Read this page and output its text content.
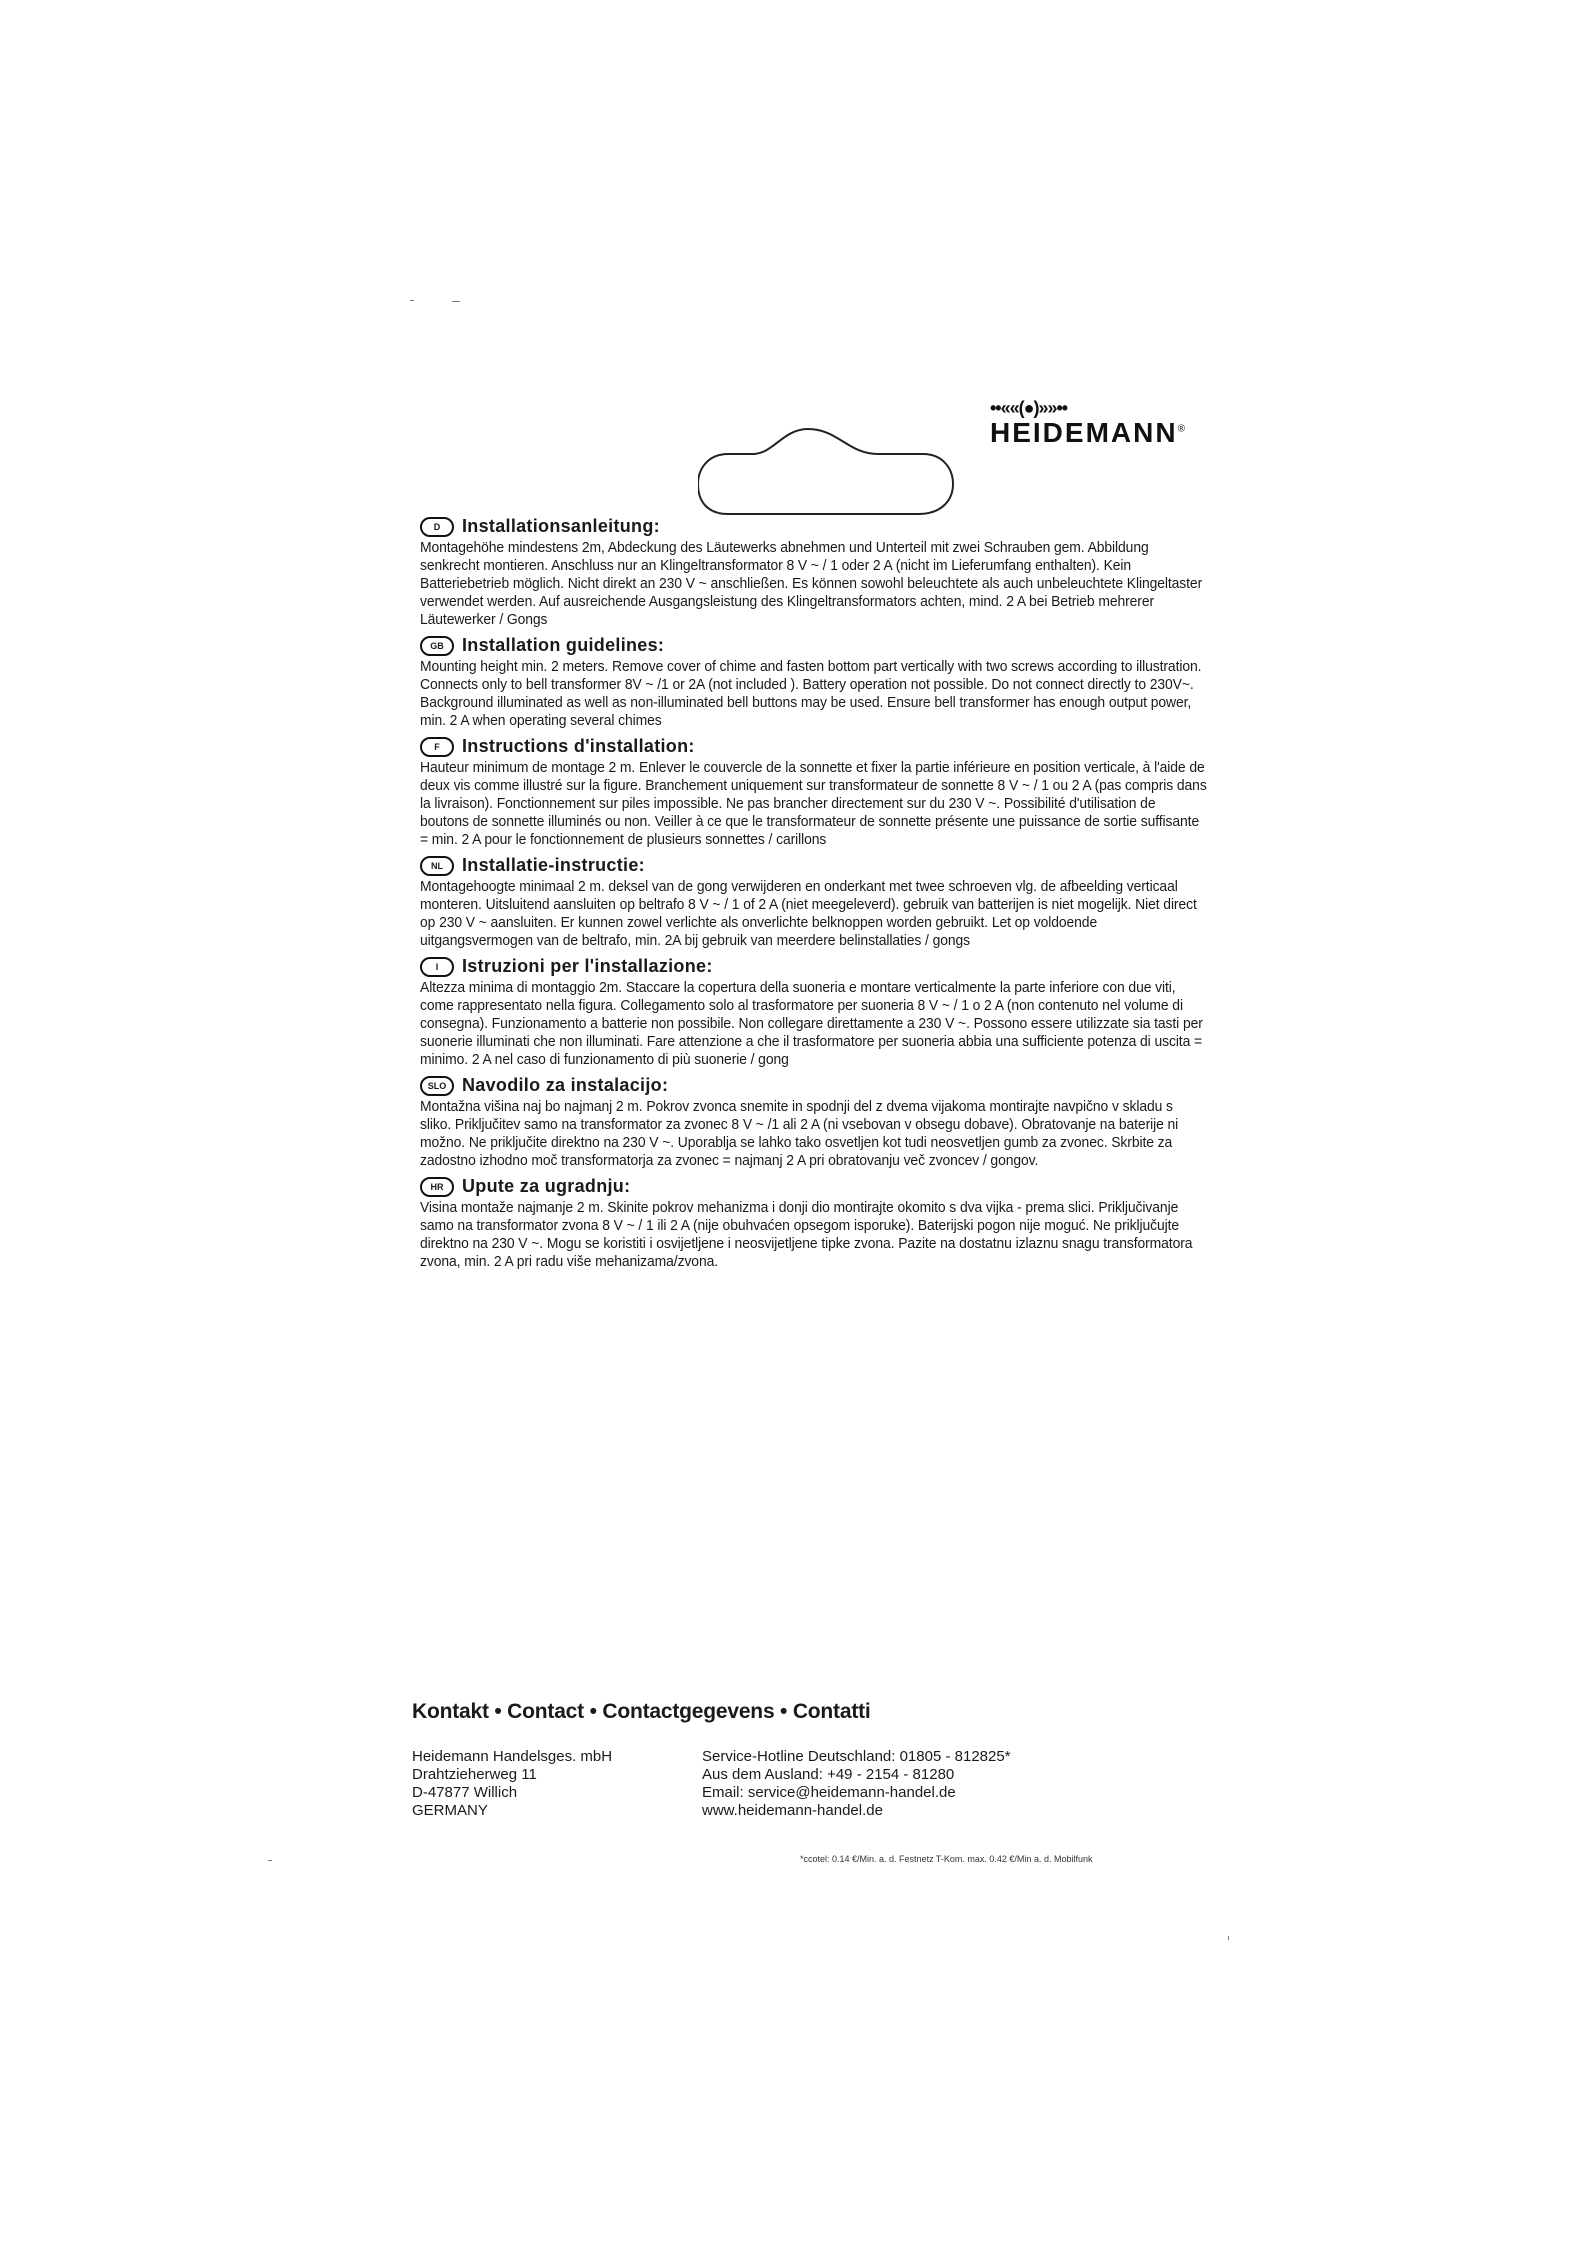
••««(●)»»••
HEIDEMANN®
D	Installationsanleitung:
Montagehöhe mindestens 2m, Abdeckung des Läutewerks abnehmen und Unterteil mit zwei Schrauben gem. Abbildung senkrecht montieren. Anschluss nur an Klingeltransformator 8 V ~ / 1 oder 2 A (nicht im Lieferumfang enthalten). Kein Batteriebetrieb möglich. Nicht direkt an 230 V ~ anschließen. Es können sowohl beleuchtete als auch unbeleuchtete Klingeltaster verwendet werden. Auf ausreichende Ausgangsleistung des Klingeltransformators achten, mind. 2 A bei Betrieb mehrerer Läutewerker / Gongs
GB	Installation guidelines:
Mounting height min. 2 meters. Remove cover of chime and fasten bottom part vertically with two screws according to illustration. Connects only to bell transformer 8V ~ /1 or 2A (not included ). Battery operation not possible. Do not connect directly to 230V~. Background illuminated as well as non-illuminated bell buttons may be used. Ensure bell transformer has enough output power, min. 2 A when operating several chimes
F	Instructions d'installation:
Hauteur minimum de montage 2 m. Enlever le couvercle de la sonnette et fixer la partie inférieure en position verticale, à l'aide de deux vis comme illustré sur la figure. Branchement uniquement sur transformateur de sonnette 8 V ~ / 1 ou 2 A (pas compris dans la livraison). Fonctionnement sur piles impossible. Ne pas brancher directement sur du 230 V ~. Possibilité d'utilisation de boutons de sonnette illuminés ou non. Veiller à ce que le transformateur de sonnette présente une puissance de sortie suffisante = min. 2 A pour le fonctionnement de plusieurs sonnettes / carillons
NL	Installatie-instructie:
Montagehoogte minimaal 2 m. deksel van de gong verwijderen en onderkant met twee schroeven vlg. de afbeelding verticaal monteren. Uitsluitend aansluiten op beltrafo 8 V ~ / 1 of 2 A (niet meegeleverd). gebruik van batterijen is niet mogelijk. Niet direct op 230 V ~ aansluiten. Er kunnen zowel verlichte als onverlichte belknoppen worden gebruikt. Let op voldoende uitgangsvermogen van de beltrafo, min. 2A bij gebruik van meerdere belinstallaties / gongs
I	Istruzioni per l'installazione:
Altezza minima di montaggio 2m. Staccare la copertura della suoneria e montare verticalmente la parte inferiore con due viti, come rappresentato nella figura. Collegamento solo al trasformatore per suoneria 8 V ~ / 1 o 2 A (non contenuto nel volume di consegna). Funzionamento a batterie non possibile. Non collegare direttamente a 230 V ~. Possono essere utilizzate sia tasti per suonerie illuminati che non illuminati. Fare attenzione a che il trasformatore per suoneria abbia una sufficiente potenza di uscita = minimo. 2 A nel caso di funzionamento di più suonerie / gong
SLO Navodilo za instalacijo:
Montažna višina naj bo najmanj 2 m. Pokrov zvonca snemite in spodnji del z dvema vijakoma montirajte navpično v skladu s sliko. Priključitev samo na transformator za zvonec 8 V ~ /1 ali 2 A (ni vsebovan v obsegu dobave). Obratovanje na baterije ni možno. Ne priključite direktno na 230 V ~. Uporablja se lahko tako osvetljen kot tudi neosvetljen gumb za zvonec. Skrbite za zadostno izhodno moč transformatorja za zvonec = najmanj 2 A pri obratovanju več zvoncev / gongov.
HR	Upute za ugradnju:
Visina montaže najmanje 2 m. Skinite pokrov mehanizma i donji dio montirajte okomito s dva vijka - prema slici. Priključivanje samo na transformator zvona 8 V ~ / 1 ili 2 A (nije obuhvaćen opsegom isporuke). Baterijski pogon nije moguć. Ne priključujte direktno na 230 V ~. Mogu se koristiti i osvijetljene i neosvijetljene tipke zvona. Pazite na dostatnu izlaznu snagu transformatora zvona, min. 2 A pri radu više mehanizama/zvona.
Kontakt • Contact • Contactgegevens • Contatti
Heidemann Handelsges. mbH
Drahtzieherweg 11
D-47877 Willich
GERMANY
Service-Hotline Deutschland: 01805 - 812825*
Aus dem Ausland: +49 - 2154 - 81280
Email: service@heidemann-handel.de
www.heidemann-handel.de
*ccotel: 0.14 €/Min. a. d. Festnetz T-Kom. max. 0.42 €/Min a. d. Mobilfunk
